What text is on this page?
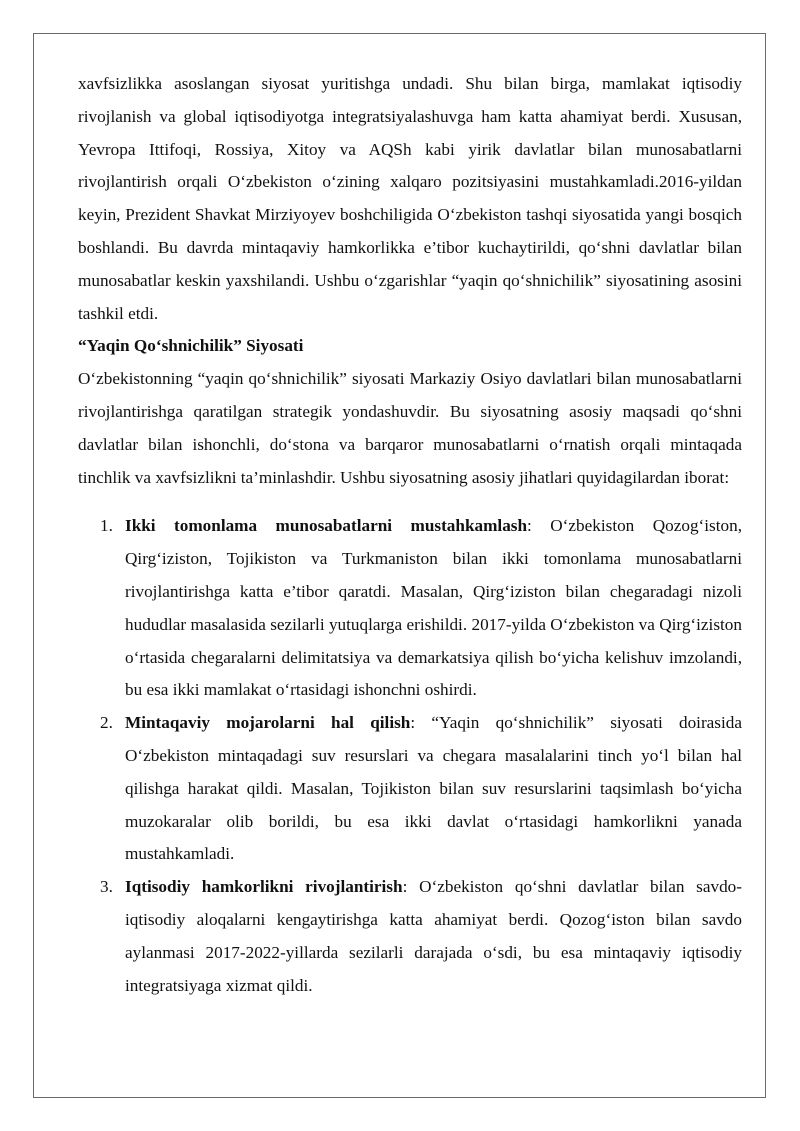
xavfsizlikka asoslangan siyosat yuritishga undadi. Shu bilan birga, mamlakat iqtisodiy rivojlanish va global iqtisodiyotga integratsiyalashuvga ham katta ahamiyat berdi. Xususan, Yevropa Ittifoqi, Rossiya, Xitoy va AQSh kabi yirik davlatlar bilan munosabatlarni rivojlantirish orqali O‘zbekiston o‘zining xalqaro pozitsiyasini mustahkamladi.2016-yildan keyin, Prezident Shavkat Mirziyoyev boshchiligida O‘zbekiston tashqi siyosatida yangi bosqich boshlandi. Bu davrda mintaqaviy hamkorlikka e’tibor kuchaytirildi, qo‘shni davlatlar bilan munosabatlar keskin yaxshilandi. Ushbu o‘zgarishlar “yaqin qo‘shnichilik” siyosatining asosini tashkil etdi.

“Yaqin Qo‘shnichilik” Siyosati

O‘zbekistonning “yaqin qo‘shnichilik” siyosati Markaziy Osiyo davlatlari bilan munosabatlarni rivojlantirishga qaratilgan strategik yondashuvdir. Bu siyosatning asosiy maqsadi qo‘shni davlatlar bilan ishonchli, do‘stona va barqaror munosabatlarni o‘rnatish orqali mintaqada tinchlik va xavfsizlikni ta’minlashdir. Ushbu siyosatning asosiy jihatlari quyidagilardan iborat:

1. Ikki tomonlama munosabatlarni mustahkamlash: O‘zbekiston Qozog‘iston, Qirg‘iziston, Tojikiston va Turkmaniston bilan ikki tomonlama munosabatlarni rivojlantirishga katta e’tibor qaratdi. Masalan, Qirg‘iziston bilan chegaradagi nizoli hududlar masalasida sezilarli yutuqlarga erishildi. 2017-yilda O‘zbekiston va Qirg‘iziston o‘rtasida chegaralarni delimitatsiya va demarkatsiya qilish bo‘yicha kelishuv imzolandi, bu esa ikki mamlakat o‘rtasidagi ishonchni oshirdi.
2. Mintaqaviy mojarolarni hal qilish: “Yaqin qo‘shnichilik” siyosati doirasida O‘zbekiston mintaqadagi suv resurslari va chegara masalalarini tinch yo‘l bilan hal qilishga harakat qildi. Masalan, Tojikiston bilan suv resurslarini taqsimlash bo‘yicha muzokaralar olib borildi, bu esa ikki davlat o‘rtasidagi hamkorlikni yanada mustahkamladi.
3. Iqtisodiy hamkorlikni rivojlantirish: O‘zbekiston qo‘shni davlatlar bilan savdo-iqtisodiy aloqalarni kengaytirishga katta ahamiyat berdi. Qozog‘iston bilan savdo aylanmasi 2017-2022-yillarda sezilarli darajada o‘sdi, bu esa mintaqaviy iqtisodiy integratsiyaga xizmat qildi.
